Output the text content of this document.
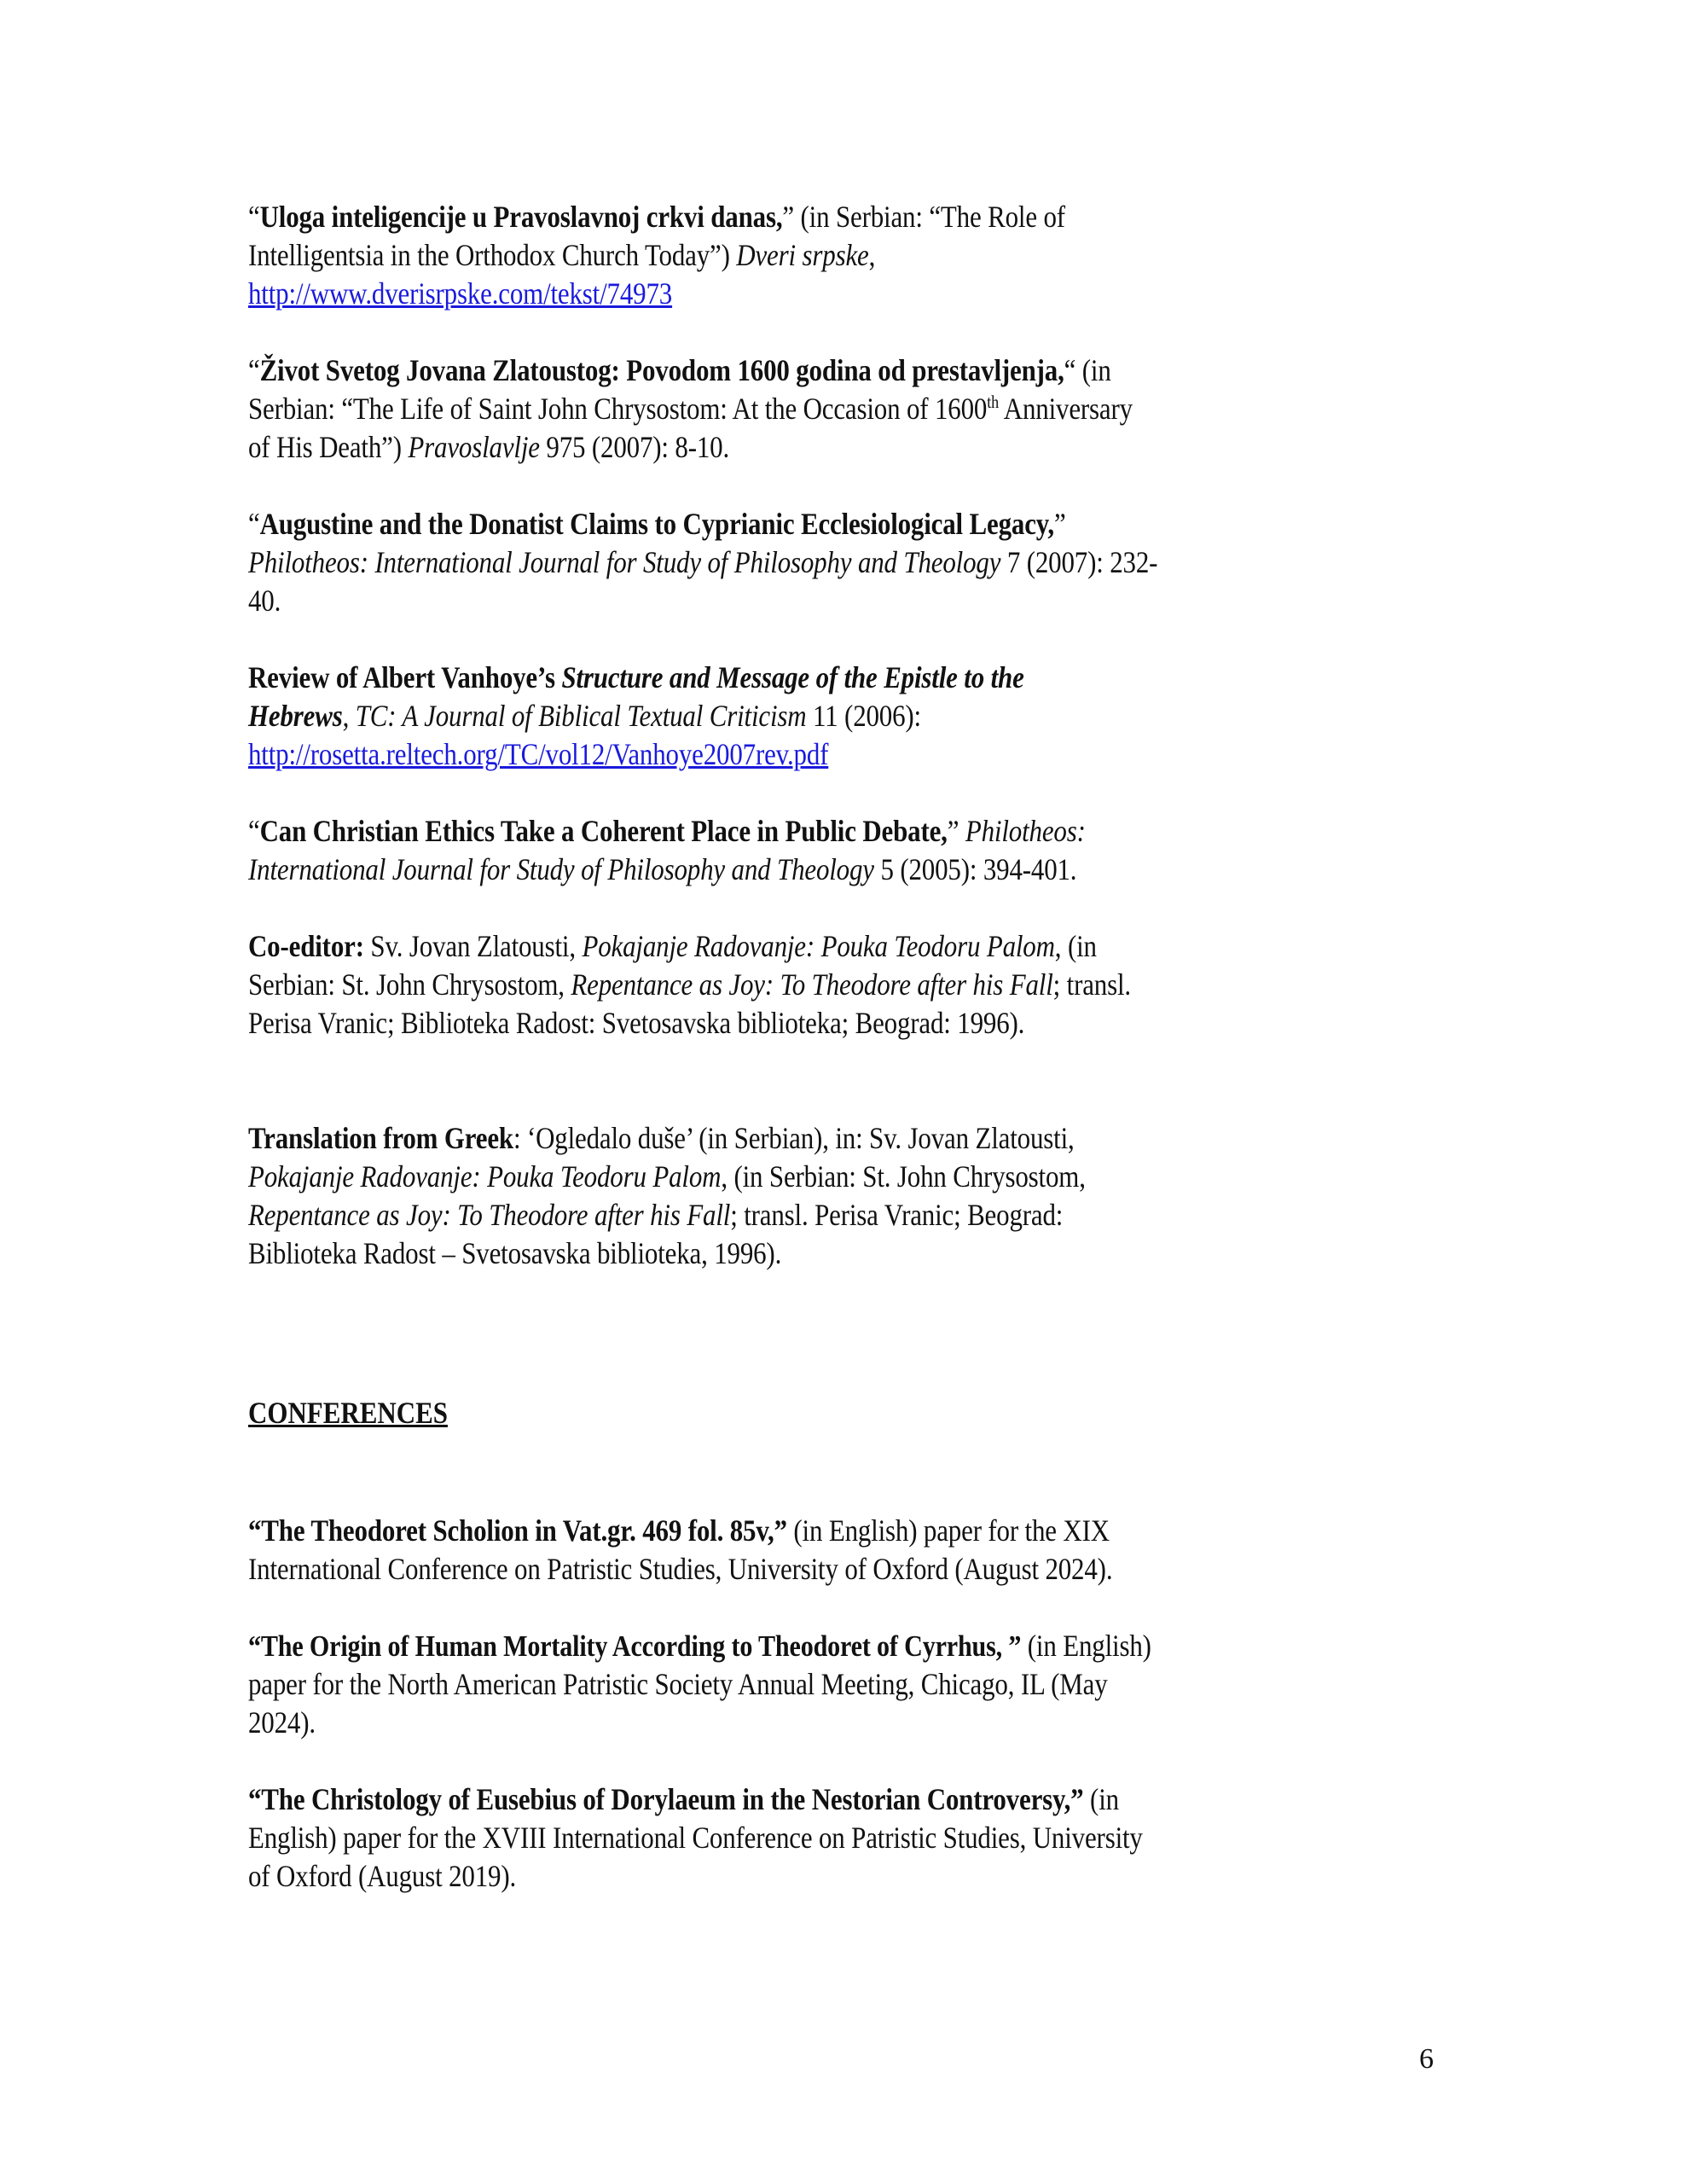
“Uloga inteligencije u Pravoslavnoj crkvi danas,” (in Serbian: “The Role of
Intelligentsia in the Orthodox Church Today”) Dveri srpske,
http://www.dverisrpske.com/tekst/74973
“Život Svetog Jovana Zlatoustog: Povodom 1600 godina od prestavljenja,“ (in
Serbian: “The Life of Saint John Chrysostom: At the Occasion of 1600th Anniversary
of His Death”) Pravoslavlje 975 (2007): 8-10.
“Augustine and the Donatist Claims to Cyprianic Ecclesiological Legacy,”
Philotheos: International Journal for Study of Philosophy and Theology 7 (2007): 232-
40.
Review of Albert Vanhoye’s Structure and Message of the Epistle to the
Hebrews, TC: A Journal of Biblical Textual Criticism 11 (2006):
http://rosetta.reltech.org/TC/vol12/Vanhoye2007rev.pdf
“Can Christian Ethics Take a Coherent Place in Public Debate,” Philotheos:
International Journal for Study of Philosophy and Theology 5 (2005): 394-401.
Co-editor: Sv. Jovan Zlatousti, Pokajanje Radovanje: Pouka Teodoru Palom, (in
Serbian: St. John Chrysostom, Repentance as Joy: To Theodore after his Fall; transl.
Perisa Vranic; Biblioteka Radost: Svetosavska biblioteka; Beograd: 1996).
Translation from Greek: ‘Ogledalo duše’ (in Serbian), in: Sv. Jovan Zlatousti,
Pokajanje Radovanje: Pouka Teodoru Palom, (in Serbian: St. John Chrysostom,
Repentance as Joy: To Theodore after his Fall; transl. Perisa Vranic; Beograd:
Biblioteka Radost – Svetosavska biblioteka, 1996).
CONFERENCES
“The Theodoret Scholion in Vat.gr. 469 fol. 85v,” (in English) paper for the XIX
International Conference on Patristic Studies, University of Oxford (August 2024).
“The Origin of Human Mortality According to Theodoret of Cyrrhus, ” (in English)
paper for the North American Patristic Society Annual Meeting, Chicago, IL (May
2024).
“The Christology of Eusebius of Dorylaeum in the Nestorian Controversy,” (in
English) paper for the XVIII International Conference on Patristic Studies, University
of Oxford (August 2019).
6
